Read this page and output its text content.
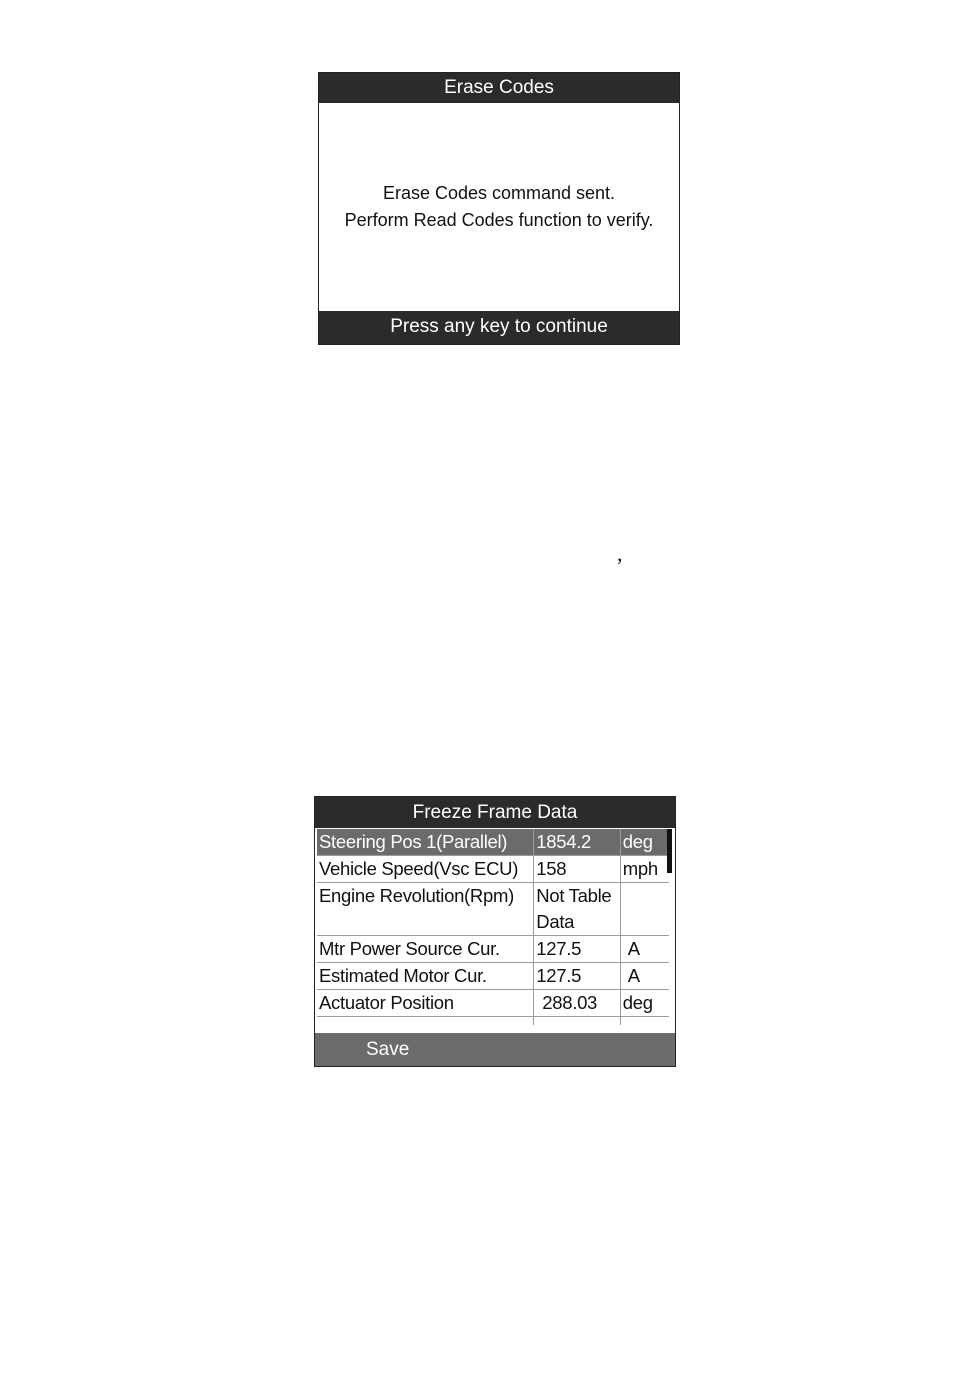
Erase Codes
Erase Codes command sent.
Perform Read Codes function to verify.
Press any key to continue
,
Freeze Frame Data
Steering Pos 1(Parallel)	1854.2	deg
Vehicle Speed(Vsc ECU)	158	mph
Engine Revolution(Rpm)	Not Table Data	
Mtr Power Source Cur.	127.5	A
Estimated Motor Cur.	127.5	A
Actuator Position	288.03	deg

Save
